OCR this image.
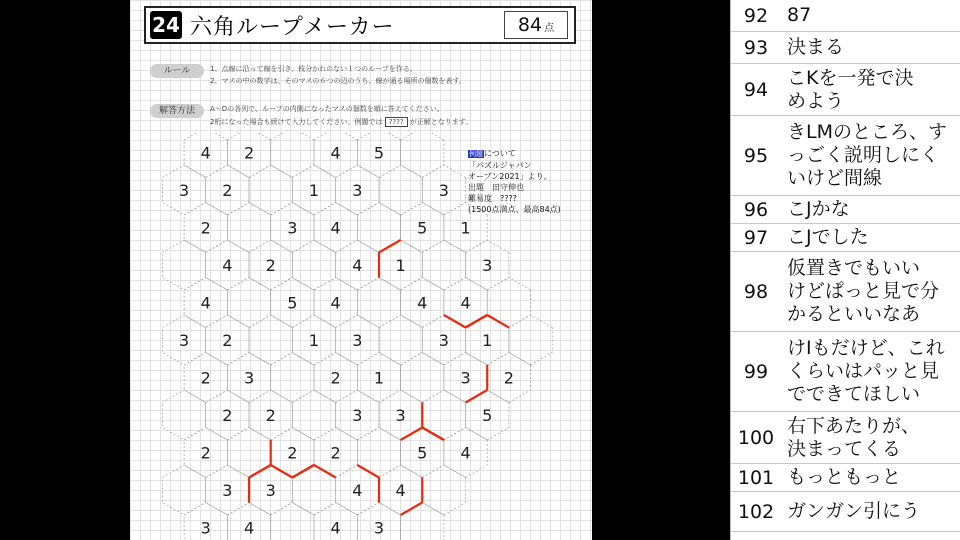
24 六角ループメーカー	84 点
ルール	1、点線に沿って線を引き、枝分かれのない１つのループを作る。
2、マスの中の数字は、そのマスの６つの辺のうち、線が通る場所の個数を表す。
解答方法	A〜Dの各列で、ループの内側になったマスの個数を順に答えてください。
2桁になった場合も続けて入力してください。例題では ???? が正解となります。
例題について
「パズルジャパン
オープン2021」より。
出題　田守伸也
難易度　????
(1500点満点、最高84点)
4 2	4 5
3 2	1 3	3
2	3 4	5 1
4 2	4 1	3
4	5 4	4 4
3 2	1 3	3 1
2 3	2 1	3 2
2 2	3 3	5
2	2 2	5 4
3 3	4 4
3 4	4 3
92 87
93 決まる
94
こKを一発で決
めよう
95
きLMのところ、す
っごく説明しにく
いけど間線
96 こJかな
97 こJでした
98
仮置きでもいい
けどぱっと見で分
かるといいなあ
99
けIもだけど、これ
くらいはパッと見
でできてほしい
100
右下あたりが、
決まってくる
101 もっともっと
102 ガンガン引にう
